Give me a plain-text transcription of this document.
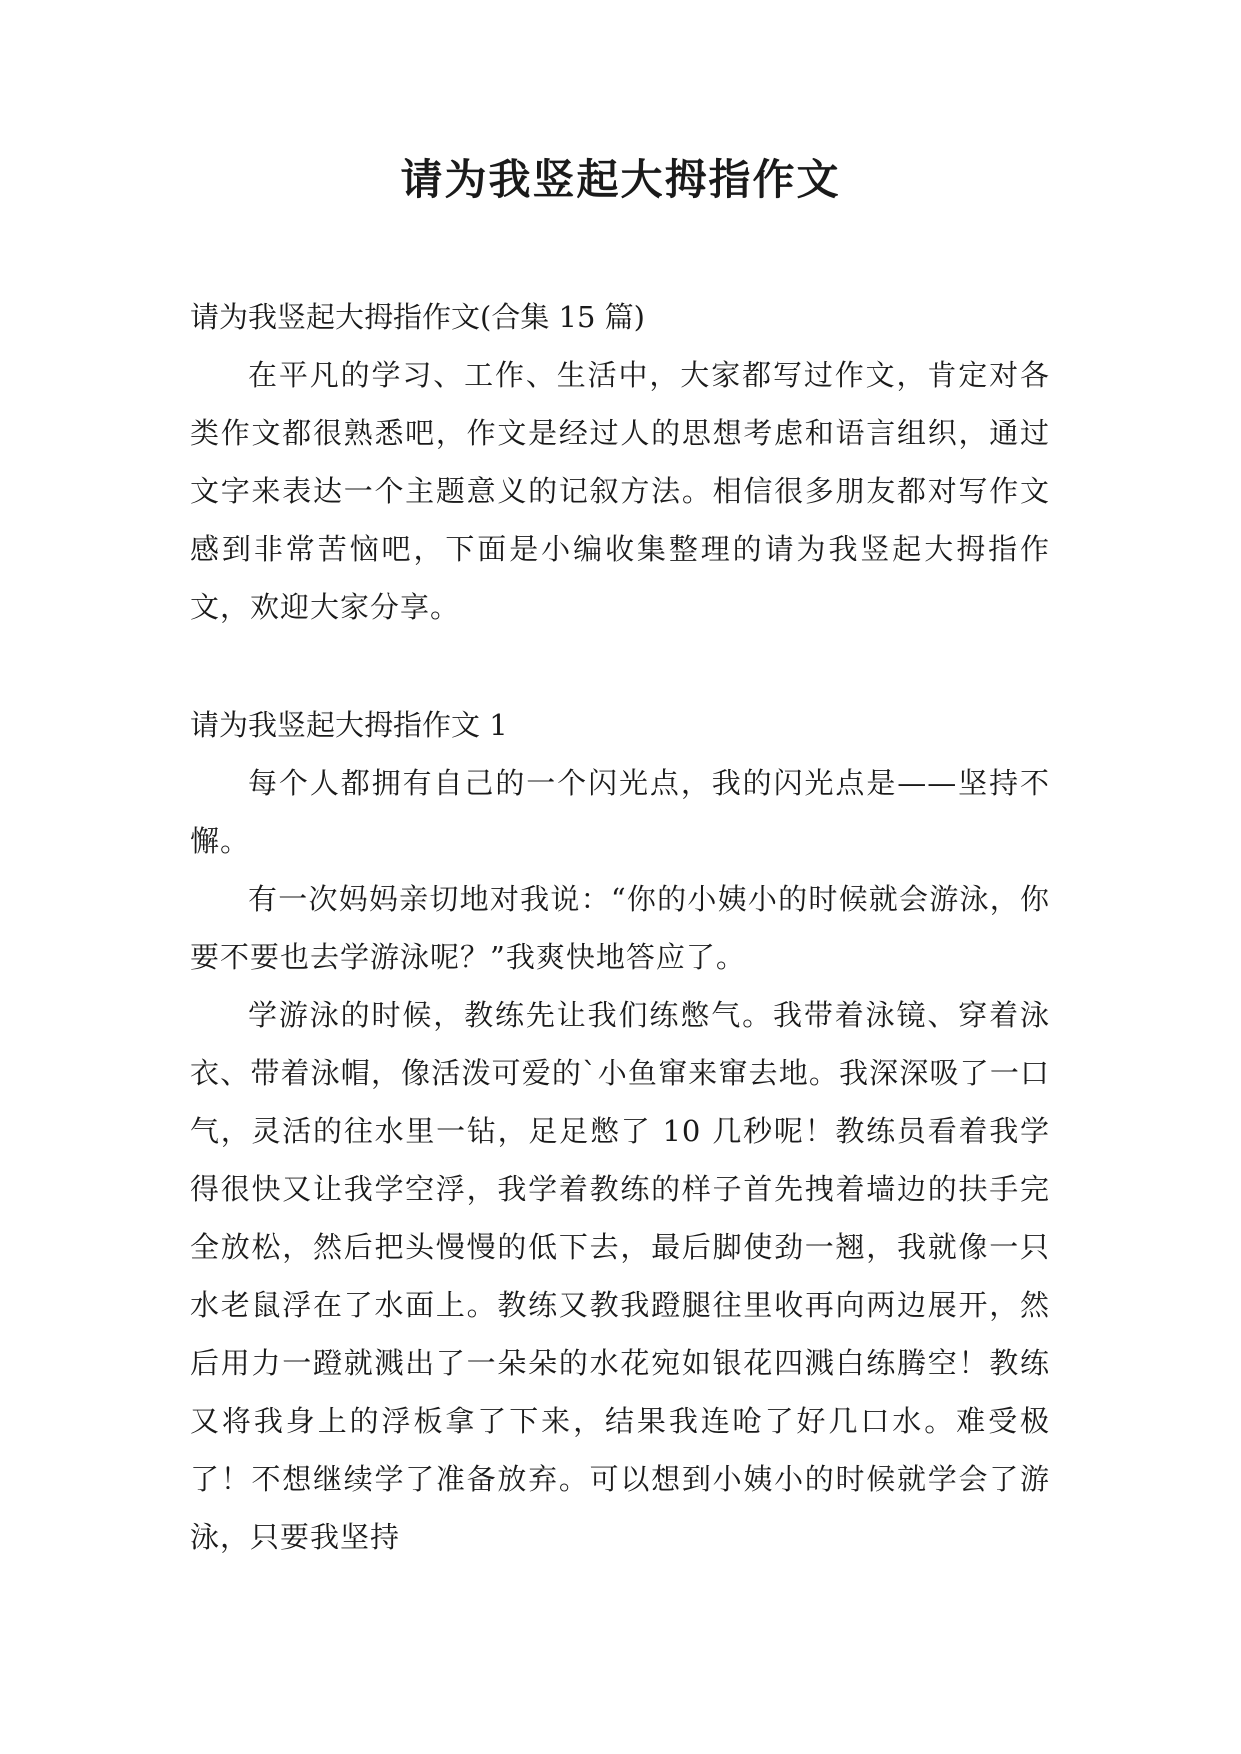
请为我竖起大拇指作文

请为我竖起大拇指作文(合集 15 篇)

在平凡的学习、工作、生活中，大家都写过作文，肯定对各类作文都很熟悉吧，作文是经过人的思想考虑和语言组织，通过文字来表达一个主题意义的记叙方法。相信很多朋友都对写作文感到非常苦恼吧，下面是小编收集整理的请为我竖起大拇指作文，欢迎大家分享。

请为我竖起大拇指作文 1

每个人都拥有自己的一个闪光点，我的闪光点是——坚持不懈。

有一次妈妈亲切地对我说：“你的小姨小的时候就会游泳，你要不要也去学游泳呢？”我爽快地答应了。

学游泳的时候，教练先让我们练憋气。我带着泳镜、穿着泳衣、带着泳帽，像活泼可爱的`小鱼窜来窜去地。我深深吸了一口气，灵活的往水里一钻，足足憋了 10 几秒呢！教练员看着我学得很快又让我学空浮，我学着教练的样子首先拽着墙边的扶手完全放松，然后把头慢慢的低下去，最后脚使劲一翘，我就像一只水老鼠浮在了水面上。教练又教我蹬腿往里收再向两边展开，然后用力一蹬就溅出了一朵朵的水花宛如银花四溅白练腾空！教练又将我身上的浮板拿了下来，结果我连呛了好几口水。难受极了！不想继续学了准备放弃。可以想到小姨小的时候就学会了游泳，只要我坚持
